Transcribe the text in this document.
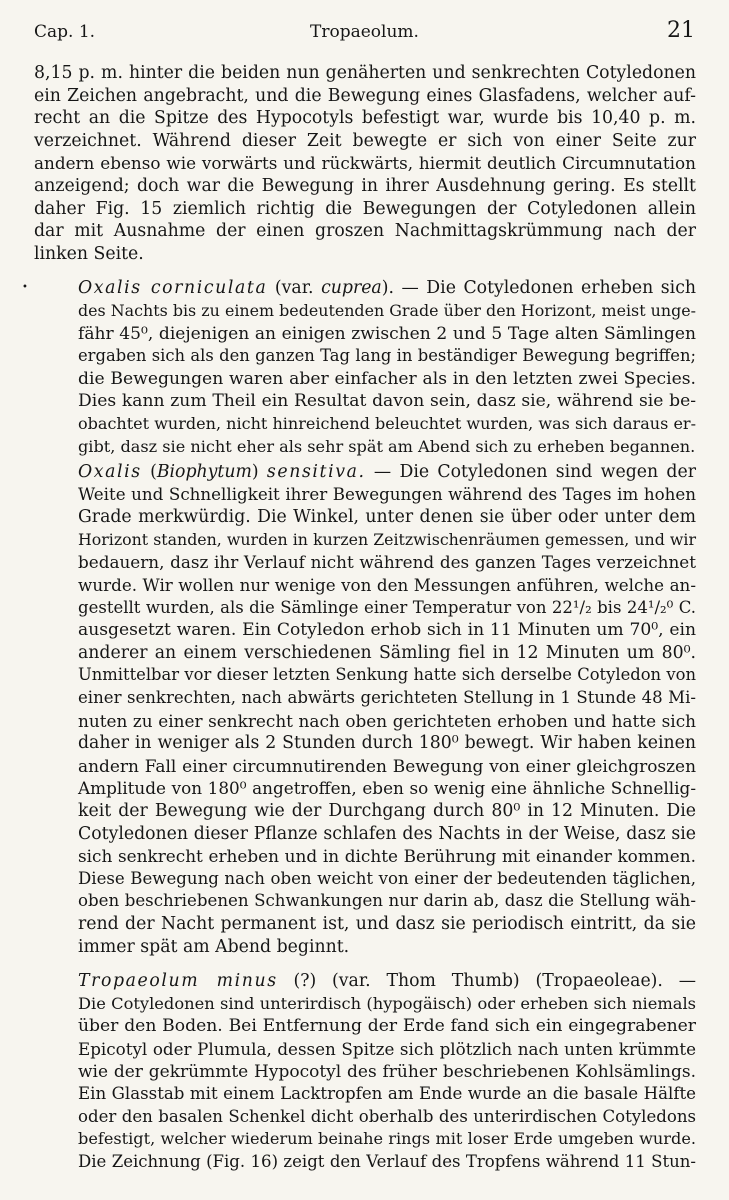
Cap. 1.	Tropaeolum.	21
•

8,15 p. m. hinter die beiden nun genäherten und senkrechten Cotyledonen
ein Zeichen angebracht, und die Bewegung eines Glasfadens, welcher auf-
recht an die Spitze des Hypocotyls befestigt war, wurde bis 10,40 p. m.
verzeichnet. Während dieser Zeit bewegte er sich von einer Seite zur
andern ebenso wie vorwärts und rückwärts, hiermit deutlich Circumnutation
anzeigend; doch war die Bewegung in ihrer Ausdehnung gering. Es stellt
daher Fig. 15 ziemlich richtig die Bewegungen der Cotyledonen allein
dar mit Ausnahme der einen groszen Nachmittagskrümmung nach der
linken Seite.

Oxalis corniculata (var. cuprea). — Die Cotyledonen erheben sich
des Nachts bis zu einem bedeutenden Grade über den Horizont, meist unge-
fähr 45⁰, diejenigen an einigen zwischen 2 und 5 Tage alten Sämlingen
ergaben sich als den ganzen Tag lang in beständiger Bewegung begriffen;
die Bewegungen waren aber einfacher als in den letzten zwei Species.
Dies kann zum Theil ein Resultat davon sein, dasz sie, während sie be-
obachtet wurden, nicht hinreichend beleuchtet wurden, was sich daraus er-
gibt, dasz sie nicht eher als sehr spät am Abend sich zu erheben begannen.

Oxalis (Biophytum) sensitiva. — Die Cotyledonen sind wegen der
Weite und Schnelligkeit ihrer Bewegungen während des Tages im hohen
Grade merkwürdig. Die Winkel, unter denen sie über oder unter dem
Horizont standen, wurden in kurzen Zeitzwischenräumen gemessen, und wir
bedauern, dasz ihr Verlauf nicht während des ganzen Tages verzeichnet
wurde. Wir wollen nur wenige von den Messungen anführen, welche an-
gestellt wurden, als die Sämlinge einer Temperatur von 22¹/₂ bis 24¹/₂⁰ C.
ausgesetzt waren. Ein Cotyledon erhob sich in 11 Minuten um 70⁰, ein
anderer an einem verschiedenen Sämling fiel in 12 Minuten um 80⁰.
Unmittelbar vor dieser letzten Senkung hatte sich derselbe Cotyledon von
einer senkrechten, nach abwärts gerichteten Stellung in 1 Stunde 48 Mi-
nuten zu einer senkrecht nach oben gerichteten erhoben und hatte sich
daher in weniger als 2 Stunden durch 180⁰ bewegt. Wir haben keinen
andern Fall einer circumnutirenden Bewegung von einer gleichgroszen
Amplitude von 180⁰ angetroffen, eben so wenig eine ähnliche Schnellig-
keit der Bewegung wie der Durchgang durch 80⁰ in 12 Minuten. Die
Cotyledonen dieser Pflanze schlafen des Nachts in der Weise, dasz sie
sich senkrecht erheben und in dichte Berührung mit einander kommen.
Diese Bewegung nach oben weicht von einer der bedeutenden täglichen,
oben beschriebenen Schwankungen nur darin ab, dasz die Stellung wäh-
rend der Nacht permanent ist, und dasz sie periodisch eintritt, da sie
immer spät am Abend beginnt.

Tropaeolum minus (?) (var. Thom Thumb) (Tropaeoleae). —
Die Cotyledonen sind unterirdisch (hypogäisch) oder erheben sich niemals
über den Boden. Bei Entfernung der Erde fand sich ein eingegrabener
Epicotyl oder Plumula, dessen Spitze sich plötzlich nach unten krümmte
wie der gekrümmte Hypocotyl des früher beschriebenen Kohlsämlings.
Ein Glasstab mit einem Lacktropfen am Ende wurde an die basale Hälfte
oder den basalen Schenkel dicht oberhalb des unterirdischen Cotyledons
befestigt, welcher wiederum beinahe rings mit loser Erde umgeben wurde.
Die Zeichnung (Fig. 16) zeigt den Verlauf des Tropfens während 11 Stun-
